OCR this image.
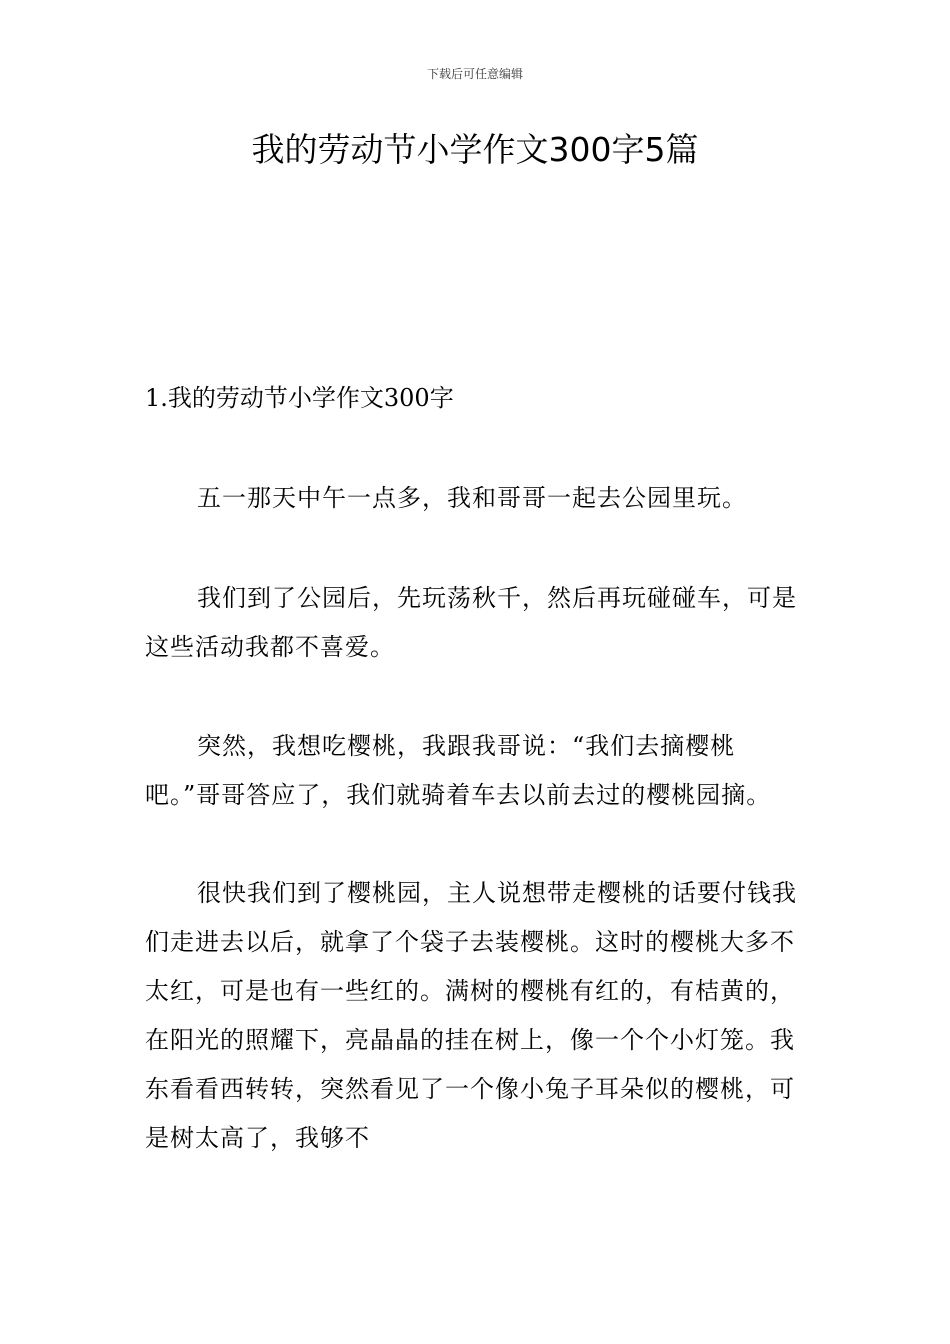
下载后可任意编辑
我的劳动节小学作文300字5篇
1.我的劳动节小学作文300字

五一那天中午一点多，我和哥哥一起去公园里玩。

我们到了公园后，先玩荡秋千，然后再玩碰碰车，可是这些活动我都不喜爱。

突然，我想吃樱桃，我跟我哥说：“我们去摘樱桃吧。”哥哥答应了，我们就骑着车去以前去过的樱桃园摘。

很快我们到了樱桃园，主人说想带走樱桃的话要付钱我们走进去以后，就拿了个袋子去装樱桃。这时的樱桃大多不太红，可是也有一些红的。满树的樱桃有红的，有桔黄的，在阳光的照耀下，亮晶晶的挂在树上，像一个个小灯笼。我东看看西转转，突然看见了一个像小兔子耳朵似的樱桃，可是树太高了，我够不
